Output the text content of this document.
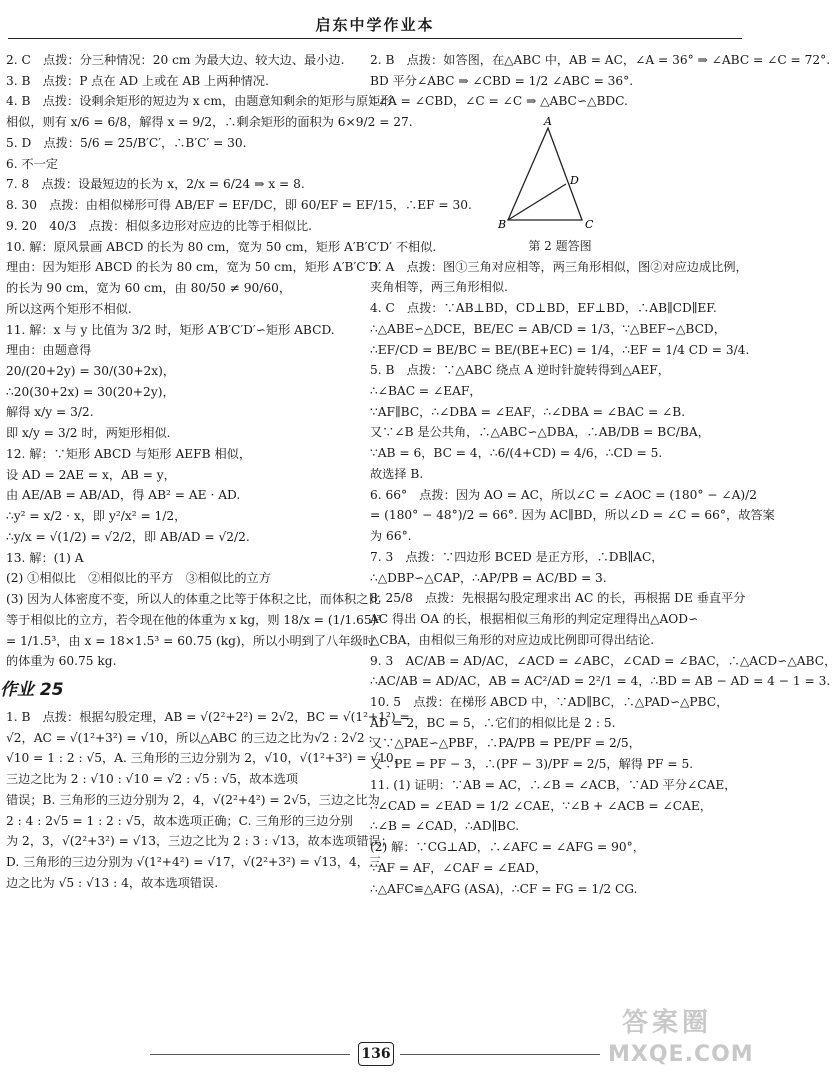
启东中学作业本
2. C　点拨：分三种情况：20 cm 为最大边、较大边、最小边.
3. B　点拨：P 点在 AD 上或在 AB 上两种情况.
4. B　点拨：设剩余矩形的短边为 x cm，由题意知剩余的矩形与原矩形
相似，则有 x/6 = 6/8，解得 x = 9/2，∴剩余矩形的面积为 6×9/2 = 27.
5. D　点拨：5/6 = 25/B′C′，∴B′C′ = 30.
6. 不一定
7. 8　点拨：设最短边的长为 x，2/x = 6/24 ⇒ x = 8.
8. 30　点拨：由相似梯形可得 AB/EF = EF/DC，即 60/EF = EF/15，∴EF = 30.
9. 20　40/3　点拨：相似多边形对应边的比等于相似比.
10. 解：原风景画 ABCD 的长为 80 cm，宽为 50 cm，矩形 A′B′C′D′ 不相似.
理由：因为矩形 ABCD 的长为 80 cm，宽为 50 cm，矩形 A′B′C′D′
的长为 90 cm，宽为 60 cm，由 80/50 ≠ 90/60，
所以这两个矩形不相似.
11. 解：x 与 y 比值为 3/2 时，矩形 A′B′C′D′∽矩形 ABCD.
理由：由题意得
20/(20+2y) = 30/(30+2x)，
∴20(30+2x) = 30(20+2y)，
解得 x/y = 3/2.
即 x/y = 3/2 时，两矩形相似.
12. 解：∵矩形 ABCD 与矩形 AEFB 相似，
设 AD = 2AE = x，AB = y，
由 AE/AB = AB/AD，得 AB² = AE · AD.
∴y² = x/2 · x，即 y²/x² = 1/2，
∴y/x = √(1/2) = √2/2，即 AB/AD = √2/2.
13. 解：(1) A
(2) ①相似比　②相似比的平方　③相似比的立方
(3) 因为人体密度不变，所以人的体重之比等于体积之比，而体积之比
等于相似比的立方，若令现在他的体重为 x kg，则 18/x = (1/1.65)³
= 1/1.5³，由 x = 18×1.5³ = 60.75 (kg)，所以小明到了八年级时
的体重为 60.75 kg.
作业 25
1. B　点拨：根据勾股定理，AB = √(2²+2²) = 2√2，BC = √(1²+1²) =
√2，AC = √(1²+3²) = √10，所以△ABC 的三边之比为√2 : 2√2 :
√10 = 1 : 2 : √5，A. 三角形的三边分别为 2，√10，√(1²+3²) = √10，
三边之比为 2 : √10 : √10 = √2 : √5 : √5，故本选项
错误；B. 三角形的三边分别为 2，4，√(2²+4²) = 2√5，三边之比为
2 : 4 : 2√5 = 1 : 2 : √5，故本选项正确；C. 三角形的三边分别
为 2，3，√(2²+3²) = √13，三边之比为 2 : 3 : √13，故本选项错误；
D. 三角形的三边分别为 √(1²+4²) = √17，√(2²+3²) = √13，4，三
边之比为 √5 : √13 : 4，故本选项错误.
2. B　点拨：如答图，在△ABC 中，AB = AC，∠A = 36° ⇒ ∠ABC = ∠C = 72°.
BD 平分∠ABC ⇒ ∠CBD = 1/2 ∠ABC = 36°.
∴∠A = ∠CBD，∠C = ∠C ⇒ △ABC∽△BDC.
A
B	C
D
第 2 题答图
3. A　点拨：图①三角对应相等，两三角形相似，图②对应边成比例，
夹角相等，两三角形相似.
4. C　点拨：∵AB⊥BD，CD⊥BD，EF⊥BD，∴AB∥CD∥EF.
∴△ABE∽△DCE，BE/EC = AB/CD = 1/3，∵△BEF∽△BCD，
∴EF/CD = BE/BC = BE/(BE+EC) = 1/4，∴EF = 1/4 CD = 3/4.
5. B　点拨：∵△ABC 绕点 A 逆时针旋转得到△AEF，
∴∠BAC = ∠EAF，
∵AF∥BC，∴∠DBA = ∠EAF，∴∠DBA = ∠BAC = ∠B.
又∵∠B 是公共角，∴△ABC∽△DBA，∴AB/DB = BC/BA，
∵AB = 6，BC = 4，∴6/(4+CD) = 4/6，∴CD = 5.
故选择 B.
6. 66°　点拨：因为 AO = AC，所以∠C = ∠AOC = (180° − ∠A)/2
= (180° − 48°)/2 = 66°. 因为 AC∥BD，所以∠D = ∠C = 66°，故答案
为 66°.
7. 3　点拨：∵四边形 BCED 是正方形，∴DB∥AC，
∴△DBP∽△CAP，∴AP/PB = AC/BD = 3.
8. 25/8　点拨：先根据勾股定理求出 AC 的长，再根据 DE 垂直平分
AC 得出 OA 的长，根据相似三角形的判定定理得出△AOD∽
△CBA，由相似三角形的对应边成比例即可得出结论.
9. 3　AC/AB = AD/AC，∠ACD = ∠ABC，∠CAD = ∠BAC，∴△ACD∽△ABC，
∴AC/AB = AD/AC，AB = AC²/AD = 2²/1 = 4，∴BD = AB − AD = 4 − 1 = 3.
10. 5　点拨：在梯形 ABCD 中，∵AD∥BC，∴△PAD∽△PBC，
AD = 2，BC = 5，∴它们的相似比是 2 : 5.
又∵△PAE∽△PBF，∴PA/PB = PE/PF = 2/5，
又∵PE = PF − 3，∴(PF − 3)/PF = 2/5，解得 PF = 5.
11. (1) 证明：∵AB = AC，∴∠B = ∠ACB，∵AD 平分∠CAE，
∴∠CAD = ∠EAD = 1/2 ∠CAE，∵∠B + ∠ACB = ∠CAE，
∴∠B = ∠CAD，∴AD∥BC.
(2) 解：∵CG⊥AD，∴∠AFC = ∠AFG = 90°，
∵AF = AF，∠CAF = ∠EAD，
∴△AFC≌△AFG (ASA)，∴CF = FG = 1/2 CG.
136
答案圈
MXQE.COM
